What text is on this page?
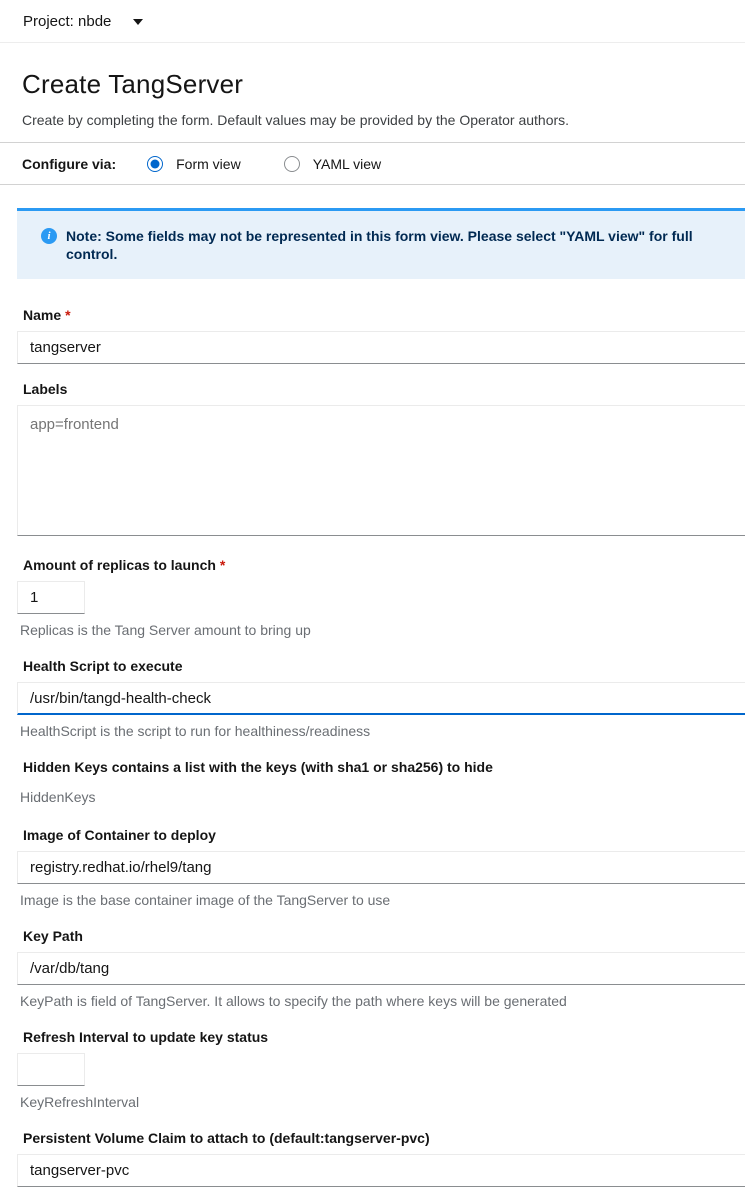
Project: nbde
Create TangServer
Create by completing the form. Default values may be provided by the Operator authors.
Configure via:	Form view	YAML view
i	Note: Some fields may not be represented in this form view. Please select "YAML view" for full control.
Name *
tangserver
Labels
app=frontend
Amount of replicas to launch *
1
Replicas is the Tang Server amount to bring up
Health Script to execute
/usr/bin/tangd-health-check
HealthScript is the script to run for healthiness/readiness
Hidden Keys contains a list with the keys (with sha1 or sha256) to hide
HiddenKeys
Image of Container to deploy
registry.redhat.io/rhel9/tang
Image is the base container image of the TangServer to use
Key Path
/var/db/tang
KeyPath is field of TangServer. It allows to specify the path where keys will be generated
Refresh Interval to update key status
KeyRefreshInterval
Persistent Volume Claim to attach to (default:tangserver-pvc)
tangserver-pvc
